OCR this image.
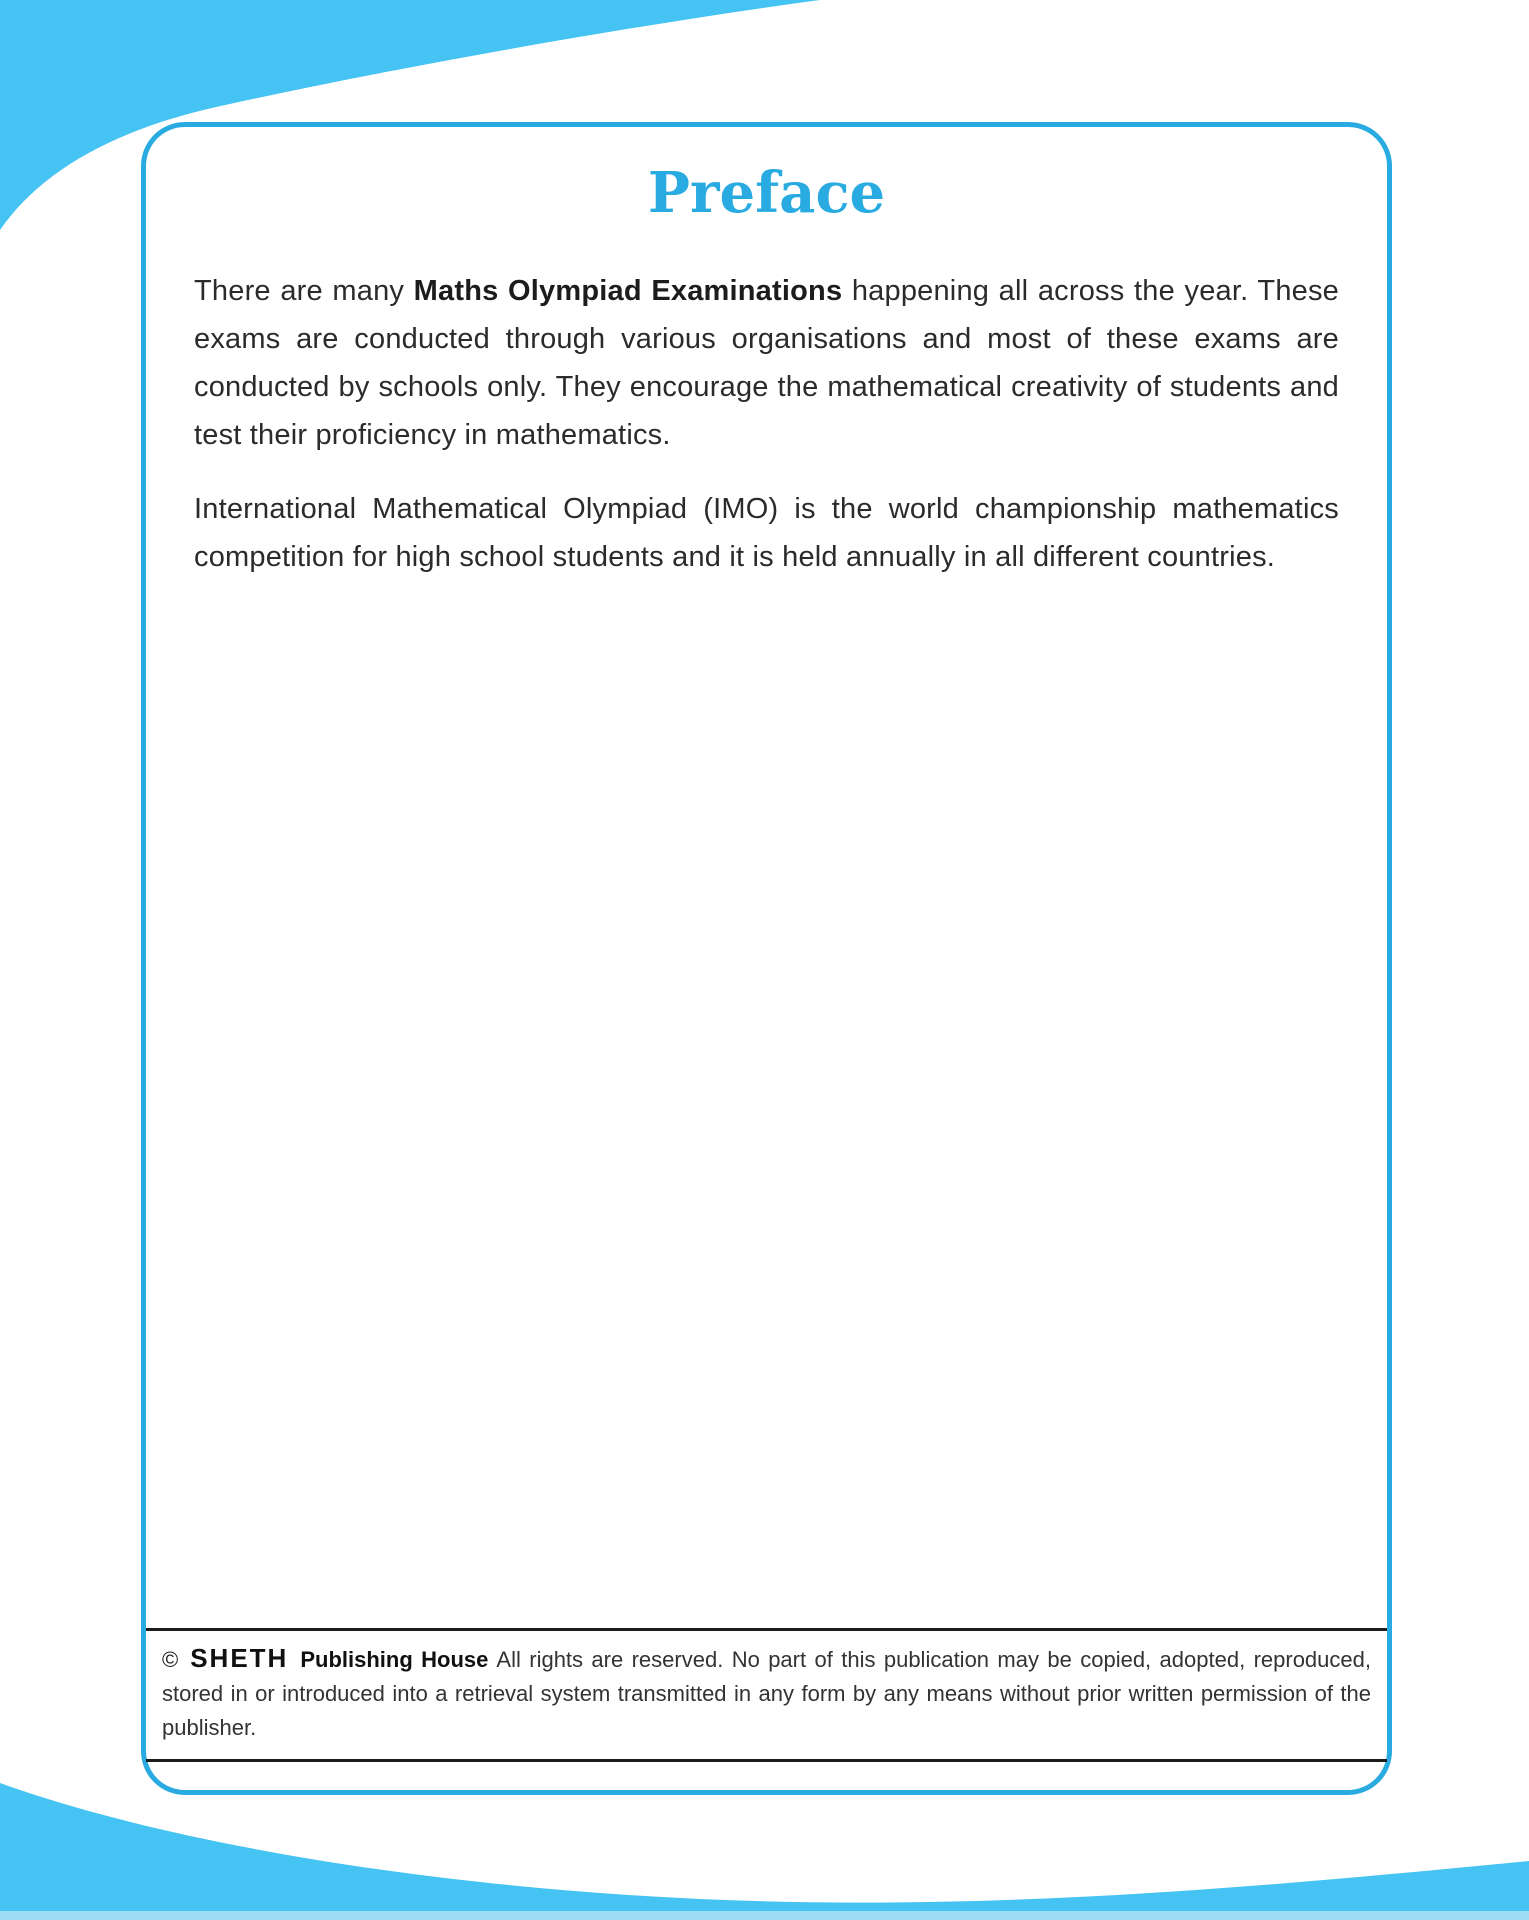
Preface

There are many Maths Olympiad Examinations happening all across the year. These exams are conducted through various organisations and most of these exams are conducted by schools only. They encourage the mathematical creativity of students and test their proficiency in mathematics.

International Mathematical Olympiad (IMO) is the world championship mathematics competition for high school students and it is held annually in all different countries.

© SHETH Publishing House All rights are reserved. No part of this publication may be copied, adopted, reproduced, stored in or introduced into a retrieval system transmitted in any form by any means without prior written permission of the publisher.
